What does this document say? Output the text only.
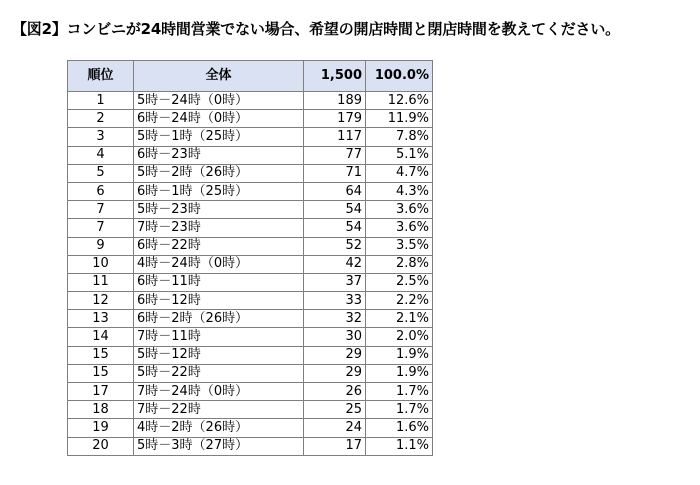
【図2】コンビニが24時間営業でない場合、希望の開店時間と閉店時間を教えてください。
順位	全体	1,500	100.0%
1	5時－24時（0時）	189	12.6%
2	6時－24時（0時）	179	11.9%
3	5時－1時（25時）	117	7.8%
4	6時－23時	77	5.1%
5	5時－2時（26時）	71	4.7%
6	6時－1時（25時）	64	4.3%
7	5時－23時	54	3.6%
7	7時－23時	54	3.6%
9	6時－22時	52	3.5%
10	4時－24時（0時）	42	2.8%
11	6時－11時	37	2.5%
12	6時－12時	33	2.2%
13	6時－2時（26時）	32	2.1%
14	7時－11時	30	2.0%
15	5時－12時	29	1.9%
15	5時－22時	29	1.9%
17	7時－24時（0時）	26	1.7%
18	7時－22時	25	1.7%
19	4時－2時（26時）	24	1.6%
20	5時－3時（27時）	17	1.1%
